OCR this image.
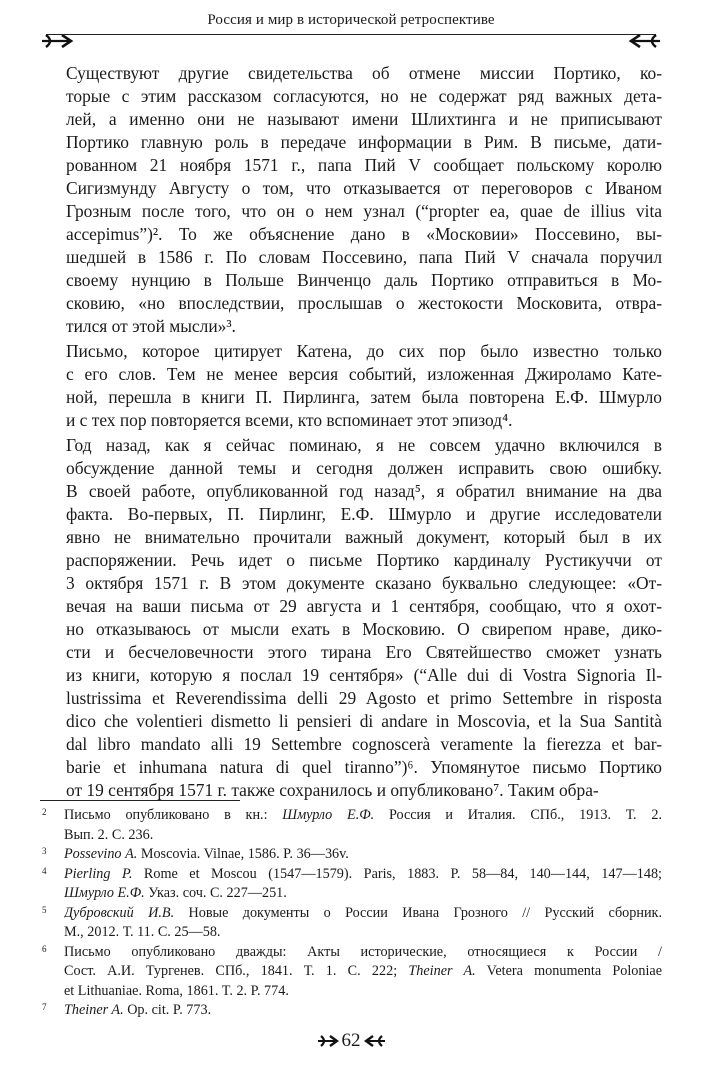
Россия и мир в исторической ретроспективе

Существуют другие свидетельства об отмене миссии Портико, ко-
торые с этим рассказом согласуются, но не содержат ряд важных дета-
лей, а именно они не называют имени Шлихтинга и не приписывают
Портико главную роль в передаче информации в Рим. В письме, дати-
рованном 21 ноября 1571 г., папа Пий V сообщает польскому королю
Сигизмунду Августу о том, что отказывается от переговоров с Иваном
Грозным после того, что он о нем узнал (“propter ea, quae de illius vita
accepimus”)². То же объяснение дано в «Московии» Поссевино, вы-
шедшей в 1586 г. По словам Поссевино, папа Пий V сначала поручил
своему нунцию в Польше Винченцо даль Портико отправиться в Мо-
сковию, «но впоследствии, прослышав о жестокости Московита, отвра-
тился от этой мысли»³.

Письмо, которое цитирует Катена, до сих пор было известно только
с его слов. Тем не менее версия событий, изложенная Джироламо Кате-
ной, перешла в книги П. Пирлинга, затем была повторена Е.Ф. Шмурло
и с тех пор повторяется всеми, кто вспоминает этот эпизод⁴.

Год назад, как я сейчас поминаю, я не совсем удачно включился в
обсуждение данной темы и сегодня должен исправить свою ошибку.
В своей работе, опубликованной год назад⁵, я обратил внимание на два
факта. Во-первых, П. Пирлинг, Е.Ф. Шмурло и другие исследователи
явно не внимательно прочитали важный документ, который был в их
распоряжении. Речь идет о письме Портико кардиналу Рустикуччи от
3 октября 1571 г. В этом документе сказано буквально следующее: «От-
вечая на ваши письма от 29 августа и 1 сентября, сообщаю, что я охот-
но отказываюсь от мысли ехать в Московию. О свирепом нраве, дико-
сти и бесчеловечности этого тирана Его Святейшество сможет узнать
из книги, которую я послал 19 сентября» (“Alle dui di Vostra Signoria Il-
lustrissima et Reverendissima delli 29 Agosto et primo Settembre in risposta
dico che volentieri dismetto li pensieri di andare in Moscovia, et la Sua Santità
dal libro mandato alli 19 Settembre cognoscerà veramente la fierezza et bar-
barie et inhumana natura di quel tiranno”)⁶. Упомянутое письмо Портико
от 19 сентября 1571 г. также сохранилось и опубликовано⁷. Таким обра-

2 Письмо опубликовано в кн.: Шмурло Е.Ф. Россия и Италия. СПб., 1913. Т. 2.
Вып. 2. С. 236.
3 Possevino А. Moscovia. Vilnae, 1586. P. 36—36v.
4 Pierling P. Rome et Moscou (1547—1579). Paris, 1883. P. 58—84, 140—144, 147—148;
Шмурло Е.Ф. Указ. соч. С. 227—251.
5 Дубровский И.В. Новые документы о России Ивана Грозного // Русский сборник.
М., 2012. Т. 11. С. 25—58.
6 Письмо опубликовано дважды: Акты исторические, относящиеся к России /
Сост. А.И. Тургенев. СПб., 1841. Т. 1. С. 222; Theiner A. Vetera monumenta Poloniae
et Lithuaniae. Roma, 1861. T. 2. P. 774.
7 Theiner A. Op. cit. P. 773.
62
